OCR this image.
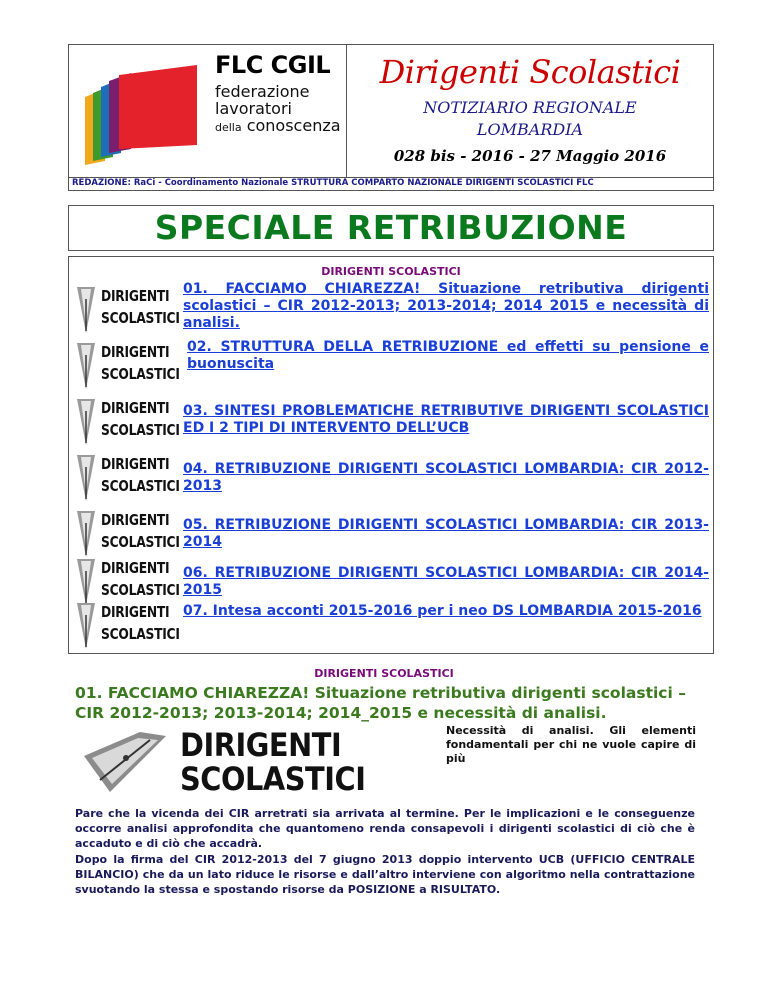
FLC CGIL
federazione
lavoratori
della conoscenza
Dirigenti Scolastici
NOTIZIARIO REGIONALE
LOMBARDIA
028 bis - 2016 - 27 Maggio 2016
REDAZIONE: RaCi - Coordinamento Nazionale STRUTTURA COMPARTO NAZIONALE DIRIGENTI SCOLASTICI FLC
SPECIALE RETRIBUZIONE
DIRIGENTI SCOLASTICI
DIRIGENTI
SCOLASTICI
01. FACCIAMO CHIAREZZA! Situazione retributiva dirigenti scolastici – CIR 2012-2013; 2013-2014; 2014 2015 e necessità di analisi.
DIRIGENTI
SCOLASTICI
02. STRUTTURA DELLA RETRIBUZIONE ed effetti su pensione e buonuscita
DIRIGENTI
SCOLASTICI
03. SINTESI PROBLEMATICHE RETRIBUTIVE DIRIGENTI SCOLASTICI ED I 2 TIPI DI INTERVENTO DELL’UCB
DIRIGENTI
SCOLASTICI
04. RETRIBUZIONE DIRIGENTI SCOLASTICI LOMBARDIA: CIR 2012-2013
DIRIGENTI
SCOLASTICI
05. RETRIBUZIONE DIRIGENTI SCOLASTICI LOMBARDIA: CIR 2013-2014
DIRIGENTI
SCOLASTICI
06. RETRIBUZIONE DIRIGENTI SCOLASTICI LOMBARDIA: CIR 2014-2015
DIRIGENTI
SCOLASTICI
07. Intesa acconti 2015-2016 per i neo DS LOMBARDIA 2015-2016
DIRIGENTI SCOLASTICI
01. FACCIAMO CHIAREZZA! Situazione retributiva dirigenti scolastici – CIR 2012-2013; 2013-2014; 2014_2015 e necessità di analisi.
DIRIGENTI
SCOLASTICI
Necessità di analisi. Gli elementi fondamentali per chi ne vuole capire di più
Pare che la vicenda dei CIR arretrati sia arrivata al termine. Per le implicazioni e le conseguenze occorre analisi approfondita che quantomeno renda consapevoli i dirigenti scolastici di ciò che è accaduto e di ciò che accadrà.
Dopo la firma del CIR 2012-2013 del 7 giugno 2013 doppio intervento UCB (UFFICIO CENTRALE BILANCIO) che da un lato riduce le risorse e dall’altro interviene con algoritmo nella contrattazione svuotando la stessa e spostando risorse da POSIZIONE a RISULTATO.
